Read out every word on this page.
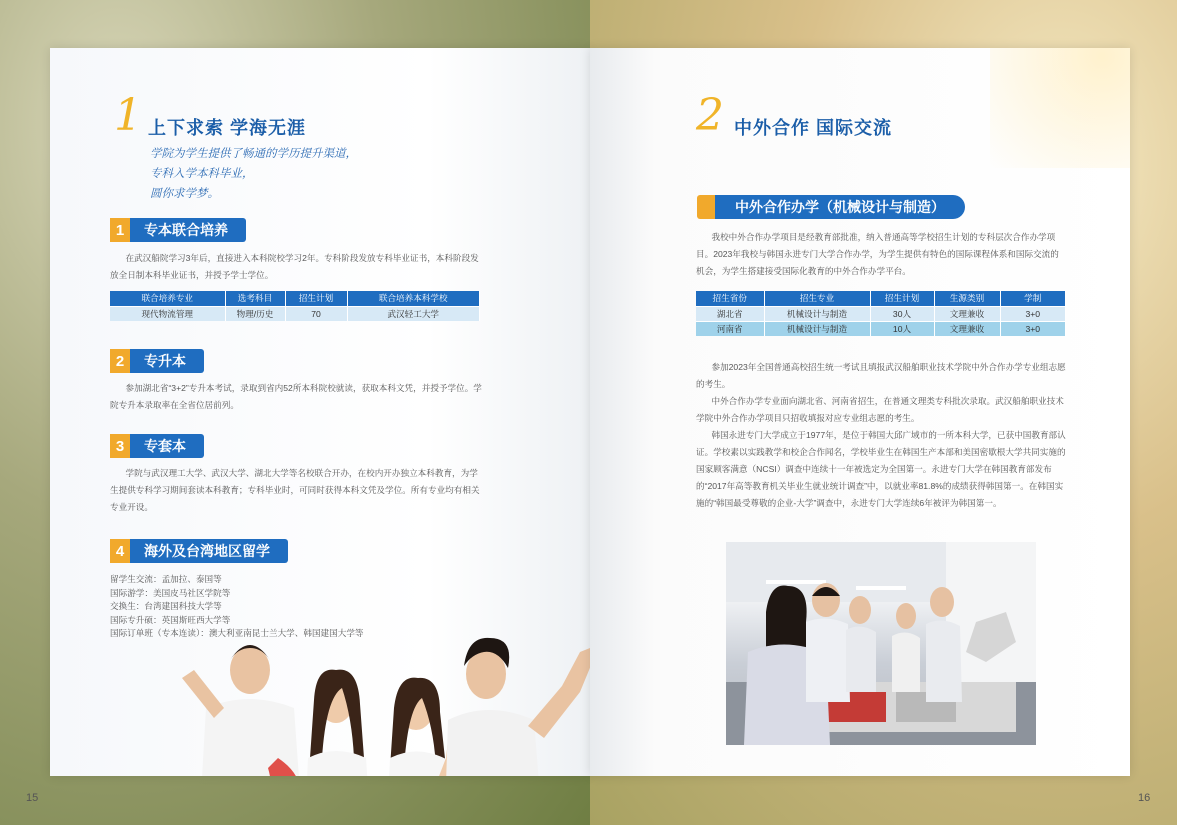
1 上下求索 学海无涯
学院为学生提供了畅通的学历提升渠道，
专科入学本科毕业，
圆你求学梦。
1	专本联合培养
在武汉船院学习3年后，直接进入本科院校学习2年。专科阶段发放专科毕业证书，本科阶段发放全日制本科毕业证书，并授予学士学位。
联合培养专业	选考科目	招生计划	联合培养本科学校
现代物流管理	物理/历史	70	武汉轻工大学
2	专升本
参加湖北省“3+2”专升本考试，录取到省内52所本科院校就读，获取本科文凭，并授予学位。学院专升本录取率在全省位居前列。
3	专套本
学院与武汉理工大学、武汉大学、湖北大学等名校联合开办，在校内开办独立本科教育，为学生提供专科学习期间套读本科教育；专科毕业时，可同时获得本科文凭及学位。所有专业均有相关专业开设。
4	海外及台湾地区留学
留学生交流：孟加拉、泰国等
国际游学：美国皮马社区学院等
交换生：台湾建国科技大学等
国际专升硕：英国斯旺西大学等
国际订单班（专本连读）：澳大利亚南昆士兰大学、韩国建国大学等
15
2 中外合作 国际交流
中外合作办学（机械设计与制造）
我校中外合作办学项目是经教育部批准，纳入普通高等学校招生计划的专科层次合作办学项目。2023年我校与韩国永进专门大学合作办学，为学生提供有特色的国际课程体系和国际交流的机会，为学生搭建接受国际化教育的中外合作办学平台。
招生省份	招生专业	招生计划	生源类别	学制
湖北省	机械设计与制造	30人	文理兼收	3+0
河南省	机械设计与制造	10人	文理兼收	3+0
参加2023年全国普通高校招生统一考试且填报武汉船舶职业技术学院中外合作办学专业组志愿的考生。
中外合作办学专业面向湖北省、河南省招生，在普通文理类专科批次录取。武汉船舶职业技术学院中外合作办学项目只招收填报对应专业组志愿的考生。
韩国永进专门大学成立于1977年，是位于韩国大邱广域市的一所本科大学，已获中国教育部认证。学校素以实践教学和校企合作闻名，学校毕业生在韩国生产本部和美国密歇根大学共同实施的国家顾客满意（NCSI）调查中连续十一年被选定为全国第一。永进专门大学在韩国教育部发布的“2017年高等教育机关毕业生就业统计调查”中，以就业率81.8%的成绩获得韩国第一。在韩国实施的“韩国最受尊敬的企业-大学”调查中，永进专门大学连续6年被评为韩国第一。
16
